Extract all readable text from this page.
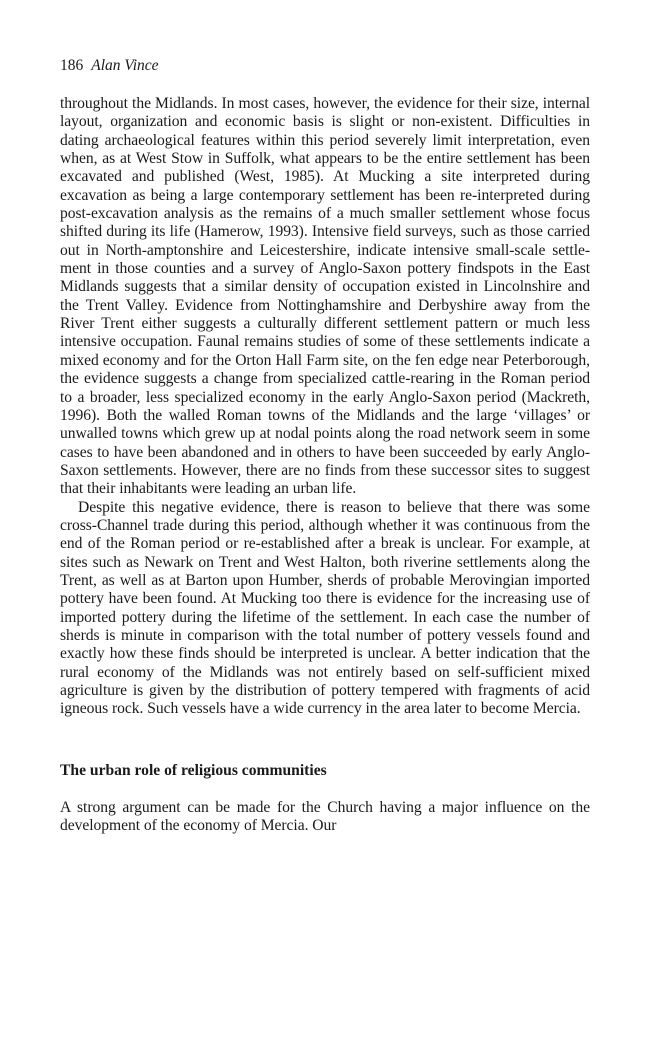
186 Alan Vince

throughout the Midlands. In most cases, however, the evidence for their size, internal layout, organization and economic basis is slight or non-existent. Difficulties in dating archaeological features within this period severely limit interpretation, even when, as at West Stow in Suffolk, what appears to be the entire settlement has been excavated and published (West, 1985). At Mucking a site interpreted during excavation as being a large contemporary settlement has been re-interpreted during post-excavation analysis as the remains of a much smaller settlement whose focus shifted during its life (Hamerow, 1993). Intensive field surveys, such as those carried out in North-amptonshire and Leicestershire, indicate intensive small-scale settle-ment in those counties and a survey of Anglo-Saxon pottery findspots in the East Midlands suggests that a similar density of occupation existed in Lincolnshire and the Trent Valley. Evidence from Nottinghamshire and Derbyshire away from the River Trent either suggests a culturally different settlement pattern or much less intensive occupation. Faunal remains studies of some of these settlements indicate a mixed economy and for the Orton Hall Farm site, on the fen edge near Peterborough, the evidence suggests a change from specialized cattle-rearing in the Roman period to a broader, less specialized economy in the early Anglo-Saxon period (Mackreth, 1996). Both the walled Roman towns of the Midlands and the large ‘villages’ or unwalled towns which grew up at nodal points along the road network seem in some cases to have been abandoned and in others to have been succeeded by early Anglo-Saxon settlements. However, there are no finds from these successor sites to suggest that their inhabitants were leading an urban life.

Despite this negative evidence, there is reason to believe that there was some cross-Channel trade during this period, although whether it was continuous from the end of the Roman period or re-established after a break is unclear. For example, at sites such as Newark on Trent and West Halton, both riverine settlements along the Trent, as well as at Barton upon Humber, sherds of probable Merovingian imported pottery have been found. At Mucking too there is evidence for the increasing use of imported pottery during the lifetime of the settlement. In each case the number of sherds is minute in comparison with the total number of pottery vessels found and exactly how these finds should be interpreted is unclear. A better indication that the rural economy of the Midlands was not entirely based on self-sufficient mixed agriculture is given by the distribution of pottery tempered with fragments of acid igneous rock. Such vessels have a wide currency in the area later to become Mercia.

The urban role of religious communities

A strong argument can be made for the Church having a major influence on the development of the economy of Mercia. Our
